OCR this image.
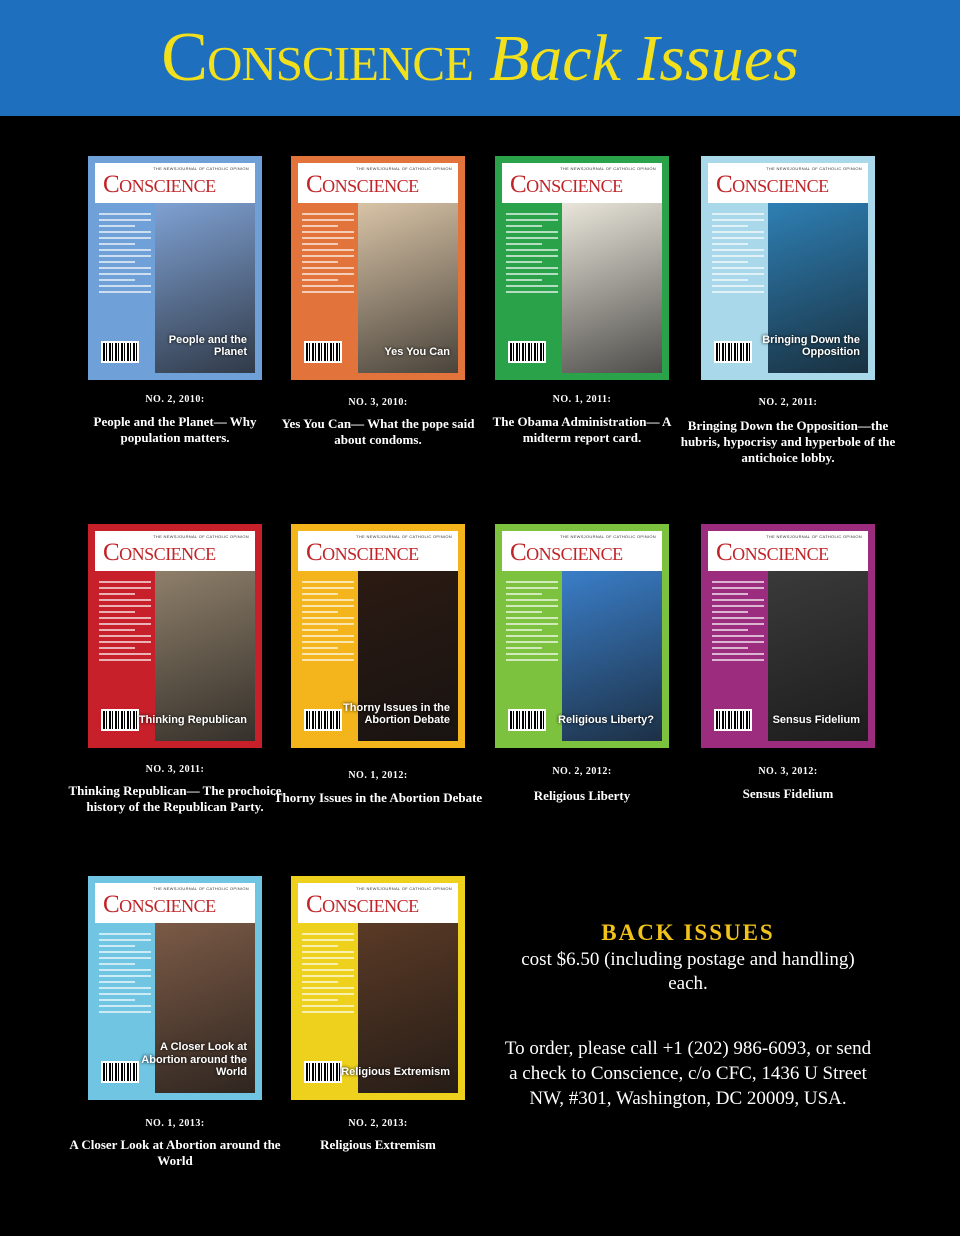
Conscience Back Issues
THE NEWSJOURNAL OF CATHOLIC OPINION
Conscience
People and the Planet
NO. 2, 2010:
People and the Planet— Why population matters.
THE NEWSJOURNAL OF CATHOLIC OPINION
Conscience
Yes You Can
NO. 3, 2010:
Yes You Can— What the pope said about condoms.
THE NEWSJOURNAL OF CATHOLIC OPINION
Conscience
NO. 1, 2011:
The Obama Administration— A midterm report card.
THE NEWSJOURNAL OF CATHOLIC OPINION
Conscience
Bringing Down the Opposition
NO. 2, 2011:
Bringing Down the Opposition—the hubris, hypocrisy and hyperbole of the antichoice lobby.
THE NEWSJOURNAL OF CATHOLIC OPINION
Conscience
Thinking Republican
NO. 3, 2011:
Thinking Republican— The prochoice history of the Republican Party.
THE NEWSJOURNAL OF CATHOLIC OPINION
Conscience
Thorny Issues in the Abortion Debate
NO. 1, 2012:
Thorny Issues in the Abortion Debate
THE NEWSJOURNAL OF CATHOLIC OPINION
Conscience
Religious Liberty?
NO. 2, 2012:
Religious Liberty
THE NEWSJOURNAL OF CATHOLIC OPINION
Conscience
Sensus Fidelium
NO. 3, 2012:
Sensus Fidelium
THE NEWSJOURNAL OF CATHOLIC OPINION
Conscience
A Closer Look at Abortion around the World
NO. 1, 2013:
A Closer Look at Abortion around the World
THE NEWSJOURNAL OF CATHOLIC OPINION
Conscience
Religious Extremism
NO. 2, 2013:
Religious Extremism
BACK ISSUES
cost $6.50 (including postage and handling) each.
To order, please call +1 (202) 986-6093, or send a check to Conscience, c/o CFC, 1436 U Street NW, #301, Washington, DC 20009, USA.
